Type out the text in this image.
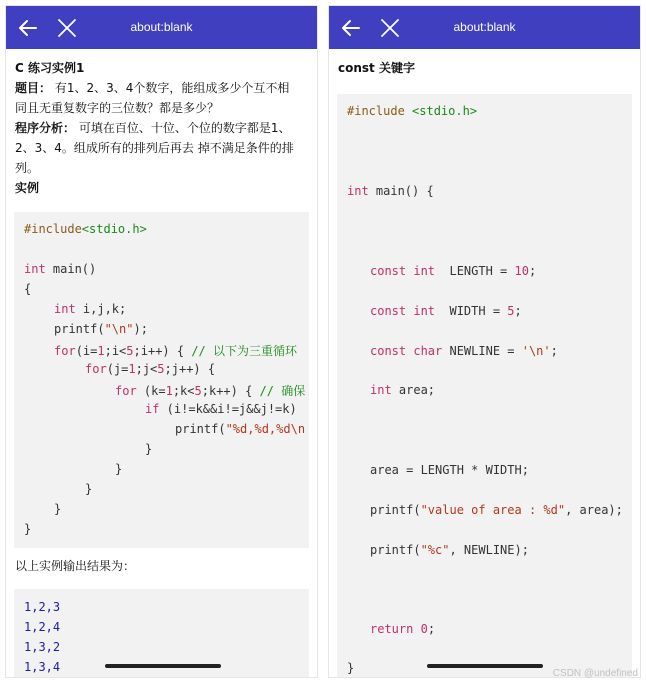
about:blank
C 练习实例1
题目： 有1、2、3、4个数字，能组成多少个互不相
同且无重复数字的三位数？都是多少？
程序分析： 可填在百位、十位、个位的数字都是1、
2、3、4。组成所有的排列后再去 掉不满足条件的排
列。
实例
#include<stdio.h>
int main()
{
int i,j,k;
printf("\n");
for(i=1;i<5;i++) { // 以下为三重循环
for(j=1;j<5;j++) {
for (k=1;k<5;k++) { // 确保
if (i!=k&&i!=j&&j!=k)
printf("%d,%d,%d\n
}
}
}
}
}
以上实例输出结果为：
1,2,3
1,2,4
1,3,2
1,3,4
about:blank
const 关键字
#include <stdio.h>
int main() {
const int  LENGTH = 10;
const int  WIDTH = 5;
const char NEWLINE = '\n';
int area;
area = LENGTH * WIDTH;
printf("value of area : %d", area);
printf("%c", NEWLINE);
return 0;
}	CSDN @undefined
